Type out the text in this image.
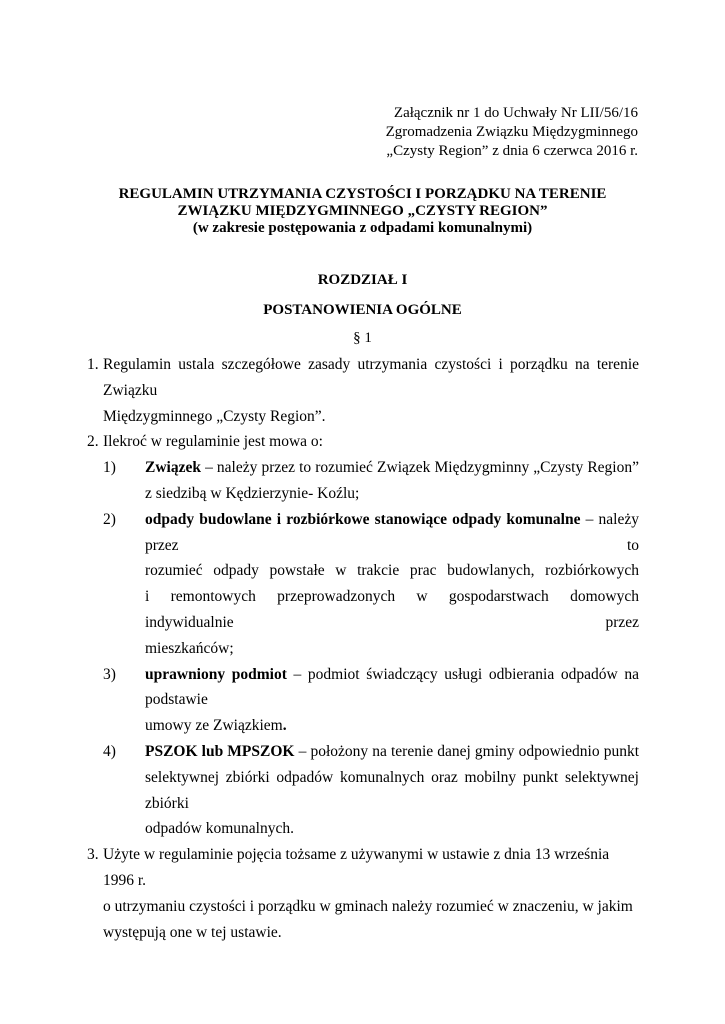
Załącznik nr 1 do Uchwały Nr LII/56/16
Zgromadzenia Związku Międzygminnego
„Czysty Region” z dnia 6 czerwca 2016 r.
REGULAMIN UTRZYMANIA CZYSTOŚCI I PORZĄDKU NA TERENIE
ZWIĄZKU MIĘDZYGMINNEGO „CZYSTY REGION”
(w zakresie postępowania z odpadami komunalnymi)
ROZDZIAŁ I
POSTANOWIENIA OGÓLNE
§ 1
1. Regulamin ustala szczegółowe zasady utrzymania czystości i porządku na terenie Związku
Międzygminnego „Czysty Region”.
2. Ilekroć w regulaminie jest mowa o:
1) Związek – należy przez to rozumieć Związek Międzygminny „Czysty Region”
z siedzibą w Kędzierzynie- Koźlu;
2) odpady budowlane i rozbiórkowe stanowiące odpady komunalne – należy przez to
rozumieć odpady powstałe w trakcie prac budowlanych, rozbiórkowych
i remontowych przeprowadzonych w gospodarstwach domowych indywidualnie przez
mieszkańców;
3) uprawniony podmiot – podmiot świadczący usługi odbierania odpadów na podstawie
umowy ze Związkiem.
4) PSZOK lub MPSZOK – położony na terenie danej gminy odpowiednio punkt
selektywnej zbiórki odpadów komunalnych oraz mobilny punkt selektywnej zbiórki
odpadów komunalnych.
3. Użyte w regulaminie pojęcia tożsame z używanymi w ustawie z dnia 13 września 1996 r.
o utrzymaniu czystości i porządku w gminach należy rozumieć w znaczeniu, w jakim
występują one w tej ustawie.
